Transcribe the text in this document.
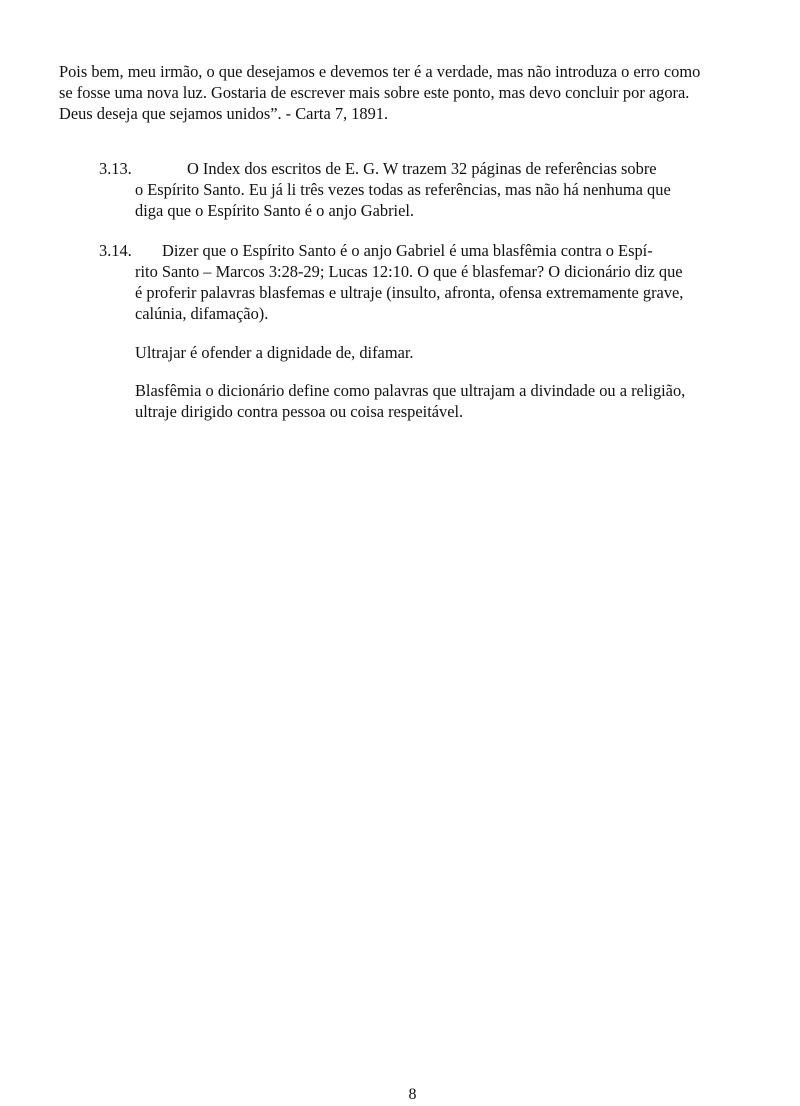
Pois bem, meu irmão, o que desejamos e devemos ter é a verdade, mas não introduza o erro como
se fosse uma nova luz. Gostaria de escrever mais sobre este ponto, mas devo concluir por agora.
Deus deseja que sejamos unidos”. - Carta 7, 1891.
3.13.	O Index dos escritos de E. G. W trazem 32 páginas de referências sobre
o Espírito Santo. Eu já li três vezes todas as referências, mas não há nenhuma que
diga que o Espírito Santo é o anjo Gabriel.
3.14. Dizer que o Espírito Santo é o anjo Gabriel é uma blasfêmia contra o Espí-
rito Santo – Marcos 3:28-29; Lucas 12:10. O que é blasfemar? O dicionário diz que
é proferir palavras blasfemas e ultraje (insulto, afronta, ofensa extremamente grave,
calúnia, difamação).
Ultrajar é ofender a dignidade de, difamar.
Blasfêmia o dicionário define como palavras que ultrajam a divindade ou a religião,
ultraje dirigido contra pessoa ou coisa respeitável.
8
